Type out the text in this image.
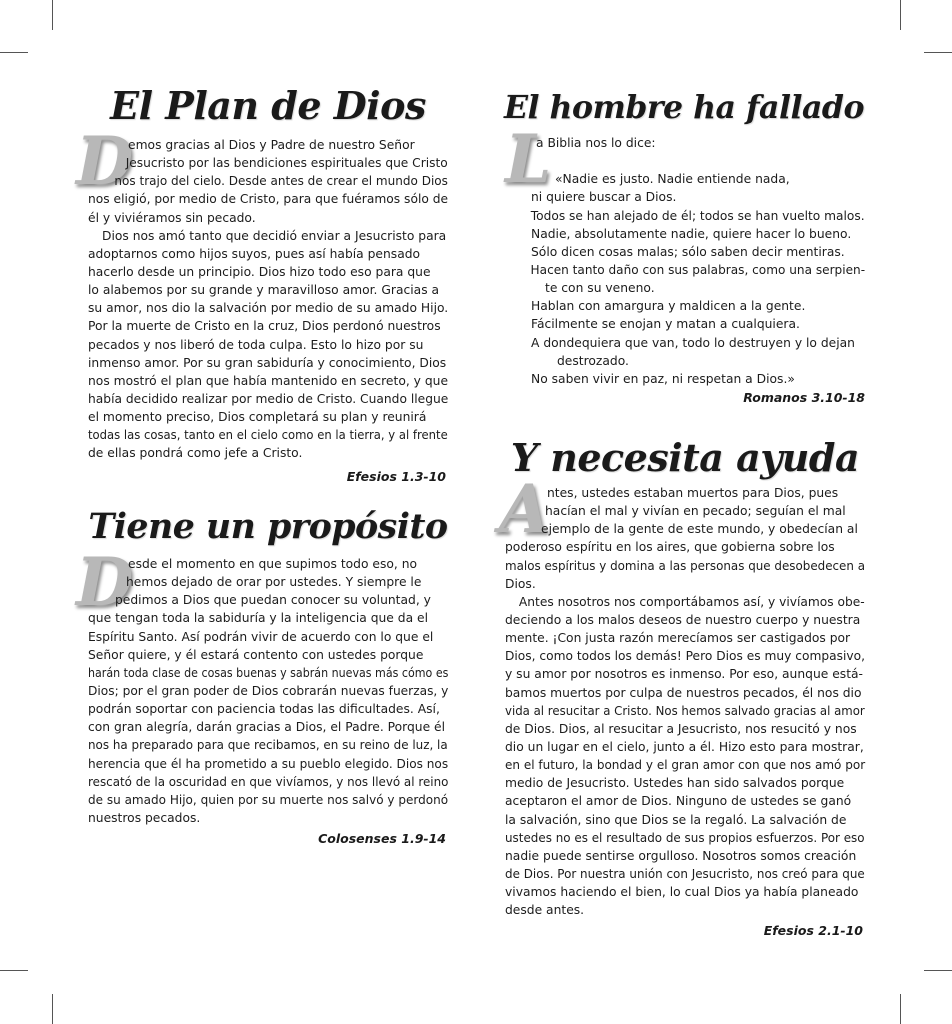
El Plan de Dios
D
emos gracias al Dios y Padre de nuestro Señor
Jesucristo por las bendiciones espirituales que Cristo
nos trajo del cielo. Desde antes de crear el mundo Dios
nos eligió, por medio de Cristo, para que fuéramos sólo de
él y viviéramos sin pecado.
Dios nos amó tanto que decidió enviar a Jesucristo para
adoptarnos como hijos suyos, pues así había pensado
hacerlo desde un principio. Dios hizo todo eso para que
lo alabemos por su grande y maravilloso amor. Gracias a
su amor, nos dio la salvación por medio de su amado Hijo.
Por la muerte de Cristo en la cruz, Dios perdonó nuestros
pecados y nos liberó de toda culpa. Esto lo hizo por su
inmenso amor. Por su gran sabiduría y conocimiento, Dios
nos mostró el plan que había mantenido en secreto, y que
había decidido realizar por medio de Cristo. Cuando llegue
el momento preciso, Dios completará su plan y reunirá
todas las cosas, tanto en el cielo como en la tierra, y al frente
de ellas pondrá como jefe a Cristo.
Efesios 1.3-10
Tiene un propósito
D
esde el momento en que supimos todo eso, no
hemos dejado de orar por ustedes. Y siempre le
pedimos a Dios que puedan conocer su voluntad, y
que tengan toda la sabiduría y la inteligencia que da el
Espíritu Santo. Así podrán vivir de acuerdo con lo que el
Señor quiere, y él estará contento con ustedes porque
harán toda clase de cosas buenas y sabrán nuevas más cómo es
Dios; por el gran poder de Dios cobrarán nuevas fuerzas, y
podrán soportar con paciencia todas las dificultades. Así,
con gran alegría, darán gracias a Dios, el Padre. Porque él
nos ha preparado para que recibamos, en su reino de luz, la
herencia que él ha prometido a su pueblo elegido. Dios nos
rescató de la oscuridad en que vivíamos, y nos llevó al reino
de su amado Hijo, quien por su muerte nos salvó y perdonó
nuestros pecados.
Colosenses 1.9-14
El hombre ha fallado
L
a Biblia nos lo dice:
«Nadie es justo. Nadie entiende nada,
ni quiere buscar a Dios.
Todos se han alejado de él; todos se han vuelto malos.
Nadie, absolutamente nadie, quiere hacer lo bueno.
Sólo dicen cosas malas; sólo saben decir mentiras.
Hacen tanto daño con sus palabras, como una serpien-
te con su veneno.
Hablan con amargura y maldicen a la gente.
Fácilmente se enojan y matan a cualquiera.
A dondequiera que van, todo lo destruyen y lo dejan
destrozado.
No saben vivir en paz, ni respetan a Dios.»
Romanos 3.10-18
Y necesita ayuda
A
ntes, ustedes estaban muertos para Dios, pues
hacían el mal y vivían en pecado; seguían el mal
ejemplo de la gente de este mundo, y obedecían al
poderoso espíritu en los aires, que gobierna sobre los
malos espíritus y domina a las personas que desobedecen a
Dios.
Antes nosotros nos comportábamos así, y vivíamos obe-
deciendo a los malos deseos de nuestro cuerpo y nuestra
mente. ¡Con justa razón merecíamos ser castigados por
Dios, como todos los demás! Pero Dios es muy compasivo,
y su amor por nosotros es inmenso. Por eso, aunque está-
bamos muertos por culpa de nuestros pecados, él nos dio
vida al resucitar a Cristo. Nos hemos salvado gracias al amor
de Dios. Dios, al resucitar a Jesucristo, nos resucitó y nos
dio un lugar en el cielo, junto a él. Hizo esto para mostrar,
en el futuro, la bondad y el gran amor con que nos amó por
medio de Jesucristo. Ustedes han sido salvados porque
aceptaron el amor de Dios. Ninguno de ustedes se ganó
la salvación, sino que Dios se la regaló. La salvación de
ustedes no es el resultado de sus propios esfuerzos. Por eso
nadie puede sentirse orgulloso. Nosotros somos creación
de Dios. Por nuestra unión con Jesucristo, nos creó para que
vivamos haciendo el bien, lo cual Dios ya había planeado
desde antes.
Efesios 2.1-10
